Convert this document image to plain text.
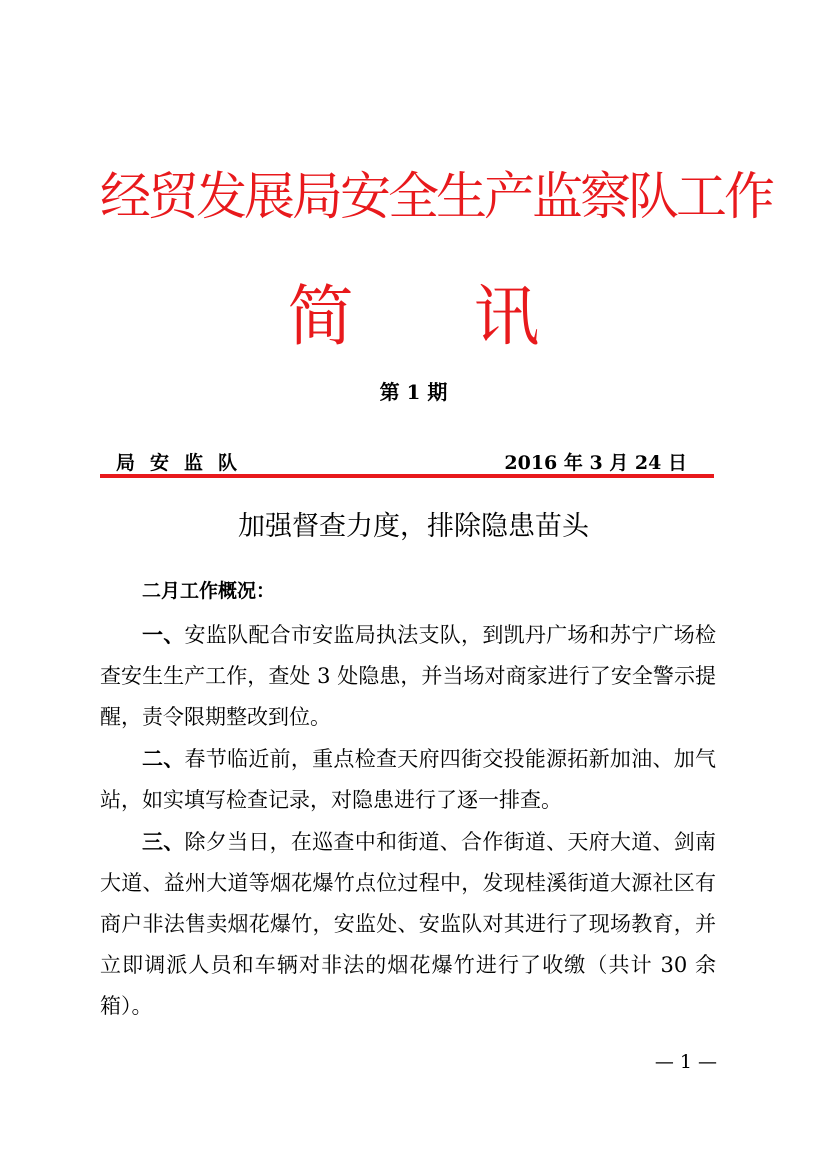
经贸发展局安全生产监察队工作
简 讯
第 1 期
局安监队	2016 年 3 月 24 日
加强督查力度，排除隐患苗头
二月工作概况：

一、安监队配合市安监局执法支队，到凯丹广场和苏宁广场检查安生生产工作，查处 3 处隐患，并当场对商家进行了安全警示提醒，责令限期整改到位。

二、春节临近前，重点检查天府四街交投能源拓新加油、加气站，如实填写检查记录，对隐患进行了逐一排查。

三、除夕当日，在巡查中和街道、合作街道、天府大道、剑南大道、益州大道等烟花爆竹点位过程中，发现桂溪街道大源社区有商户非法售卖烟花爆竹，安监处、安监队对其进行了现场教育，并立即调派人员和车辆对非法的烟花爆竹进行了收缴（共计 30 余箱）。

— 1 —
